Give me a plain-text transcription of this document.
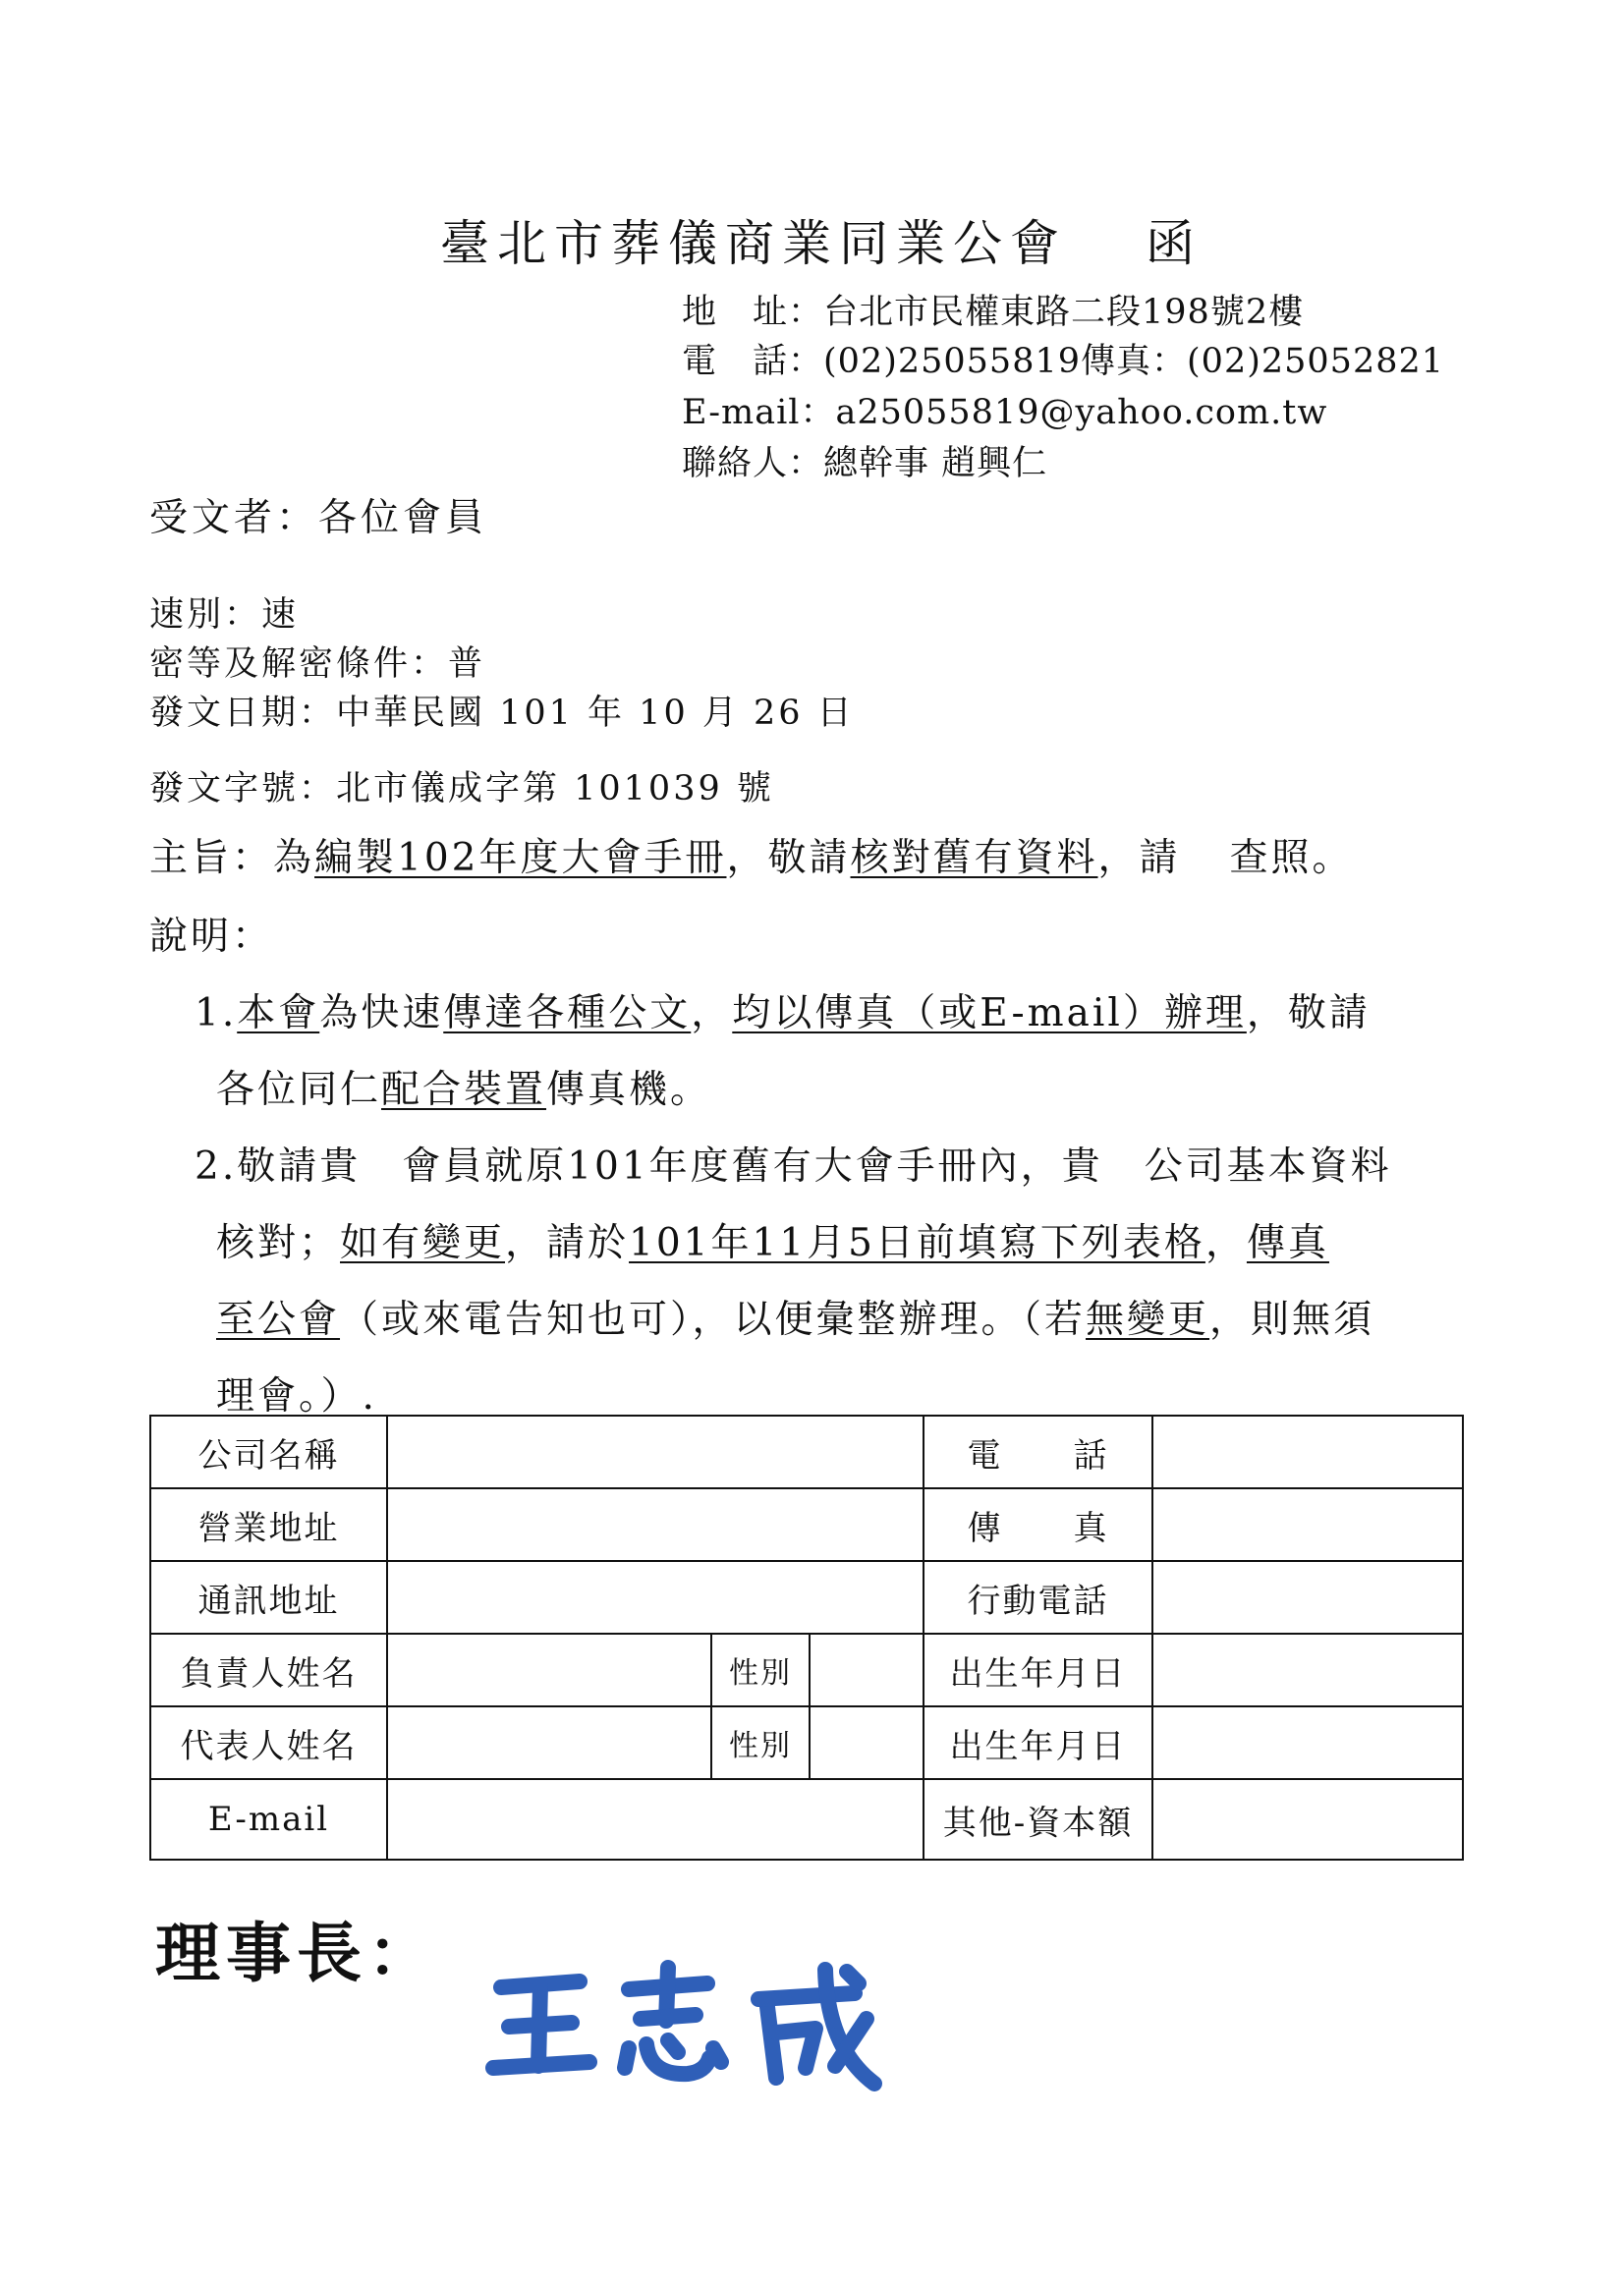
臺北市葬儀商業同業公會 函
地　址：台北市民權東路二段198號2樓
電　話：(02)25055819傳真：(02)25052821
E-mail：a25055819@yahoo.com.tw
聯絡人：總幹事 趙興仁
受文者：各位會員
速別：速
密等及解密條件：普
發文日期：中華民國 101 年 10 月 26 日
發文字號：北市儀成字第 101039 號
主旨：為編製102年度大會手冊，敬請核對舊有資料，請 查照。
說明：
1.本會為快速傳達各種公文，均以傳真（或E-mail）辦理，敬請
各位同仁配合裝置傳真機。
2.敬請貴　會員就原101年度舊有大會手冊內，貴　公司基本資料
核對；如有變更，請於101年11月5日前填寫下列表格，傳真
至公會（或來電告知也可），以便彙整辦理。（若無變更，則無須
理會。）.
公司名稱				電　　話	
營業地址				傳　　真	
通訊地址				行動電話	
負責人姓名		性別		出生年月日	
代表人姓名		性別		出生年月日	
E-mail				其他-資本額	
理事長：
